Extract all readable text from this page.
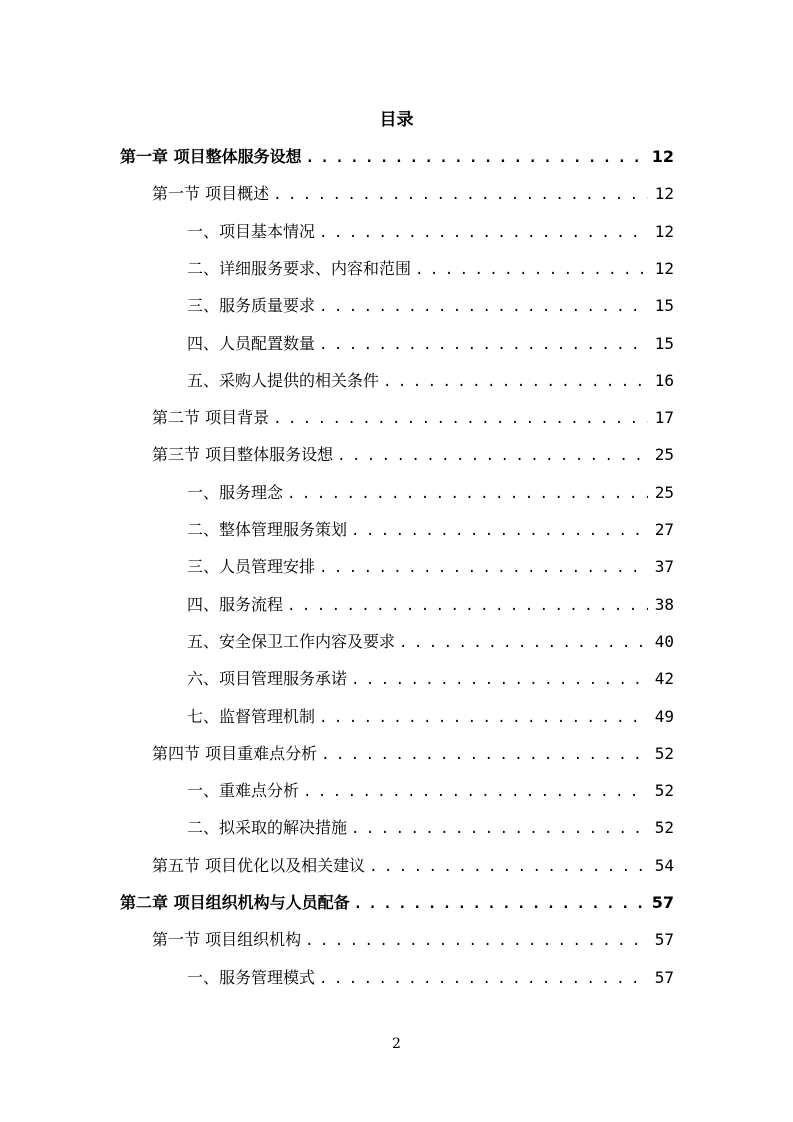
目录
第一章 项目整体服务设想 . . .	12
第一节 项目概述 . . .	12
一、项目基本情况 . . .	12
二、详细服务要求、内容和范围 . . .	12
三、服务质量要求 . . .	15
四、人员配置数量 . . .	15
五、采购人提供的相关条件 . . .	16
第二节 项目背景 . . .	17
第三节 项目整体服务设想 . . .	25
一、服务理念 . . .	25
二、整体管理服务策划 . . .	27
三、人员管理安排 . . .	37
四、服务流程 . . .	38
五、安全保卫工作内容及要求 . . .	40
六、项目管理服务承诺 . . .	42
七、监督管理机制 . . .	49
第四节 项目重难点分析 . . .	52
一、重难点分析 . . .	52
二、拟采取的解决措施 . . .	52
第五节 项目优化以及相关建议 . . .	54
第二章 项目组织机构与人员配备 . . .	57
第一节 项目组织机构 . . .	57
一、服务管理模式 . . .	57
2
